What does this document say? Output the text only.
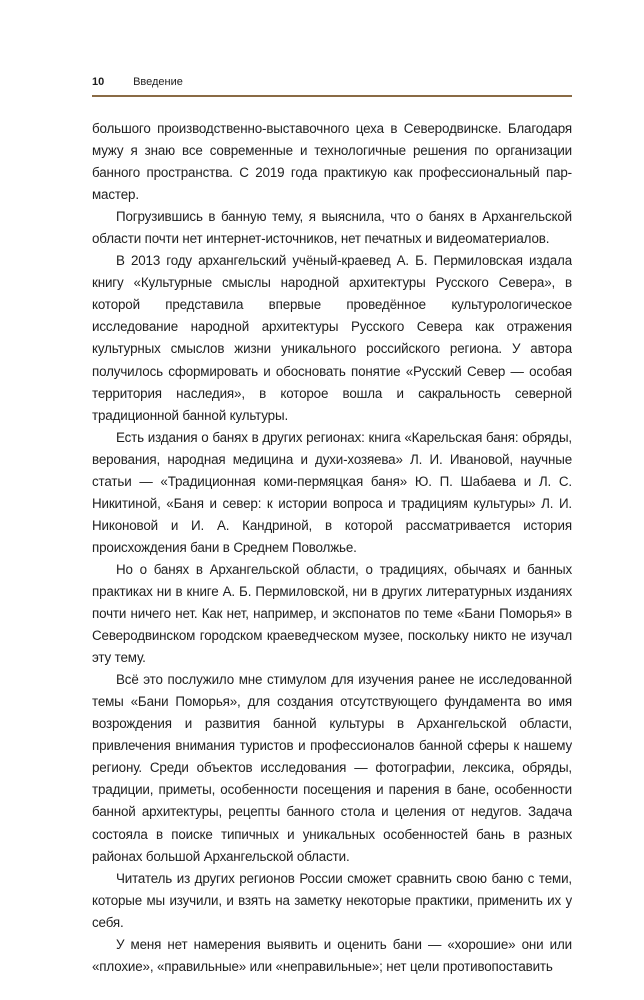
10	Введение

большого производственно-выставочного цеха в Северодвинске. Благодаря мужу я знаю все современные и технологичные решения по организации банного пространства. С 2019 года практикую как профессиональный пар-мастер.

Погрузившись в банную тему, я выяснила, что о банях в Архангельской области почти нет интернет-источников, нет печатных и видеоматериалов.

В 2013 году архангельский учёный-краевед А. Б. Пермиловская издала книгу «Культурные смыслы народной архитектуры Русского Севера», в которой представила впервые проведённое культурологическое исследование народной архитектуры Русского Севера как отражения культурных смыслов жизни уникального российского региона. У автора получилось сформировать и обосновать понятие «Русский Север — особая территория наследия», в которое вошла и сакральность северной традиционной банной культуры.

Есть издания о банях в других регионах: книга «Карельская баня: обряды, верования, народная медицина и духи-хозяева» Л. И. Ивановой, научные статьи — «Традиционная коми-пермяцкая баня» Ю. П. Шабаева и Л. С. Никитиной, «Баня и север: к истории вопроса и традициям культуры» Л. И. Никоновой и И. А. Кандриной, в которой рассматривается история происхождения бани в Среднем Поволжье.

Но о банях в Архангельской области, о традициях, обычаях и банных практиках ни в книге А. Б. Пермиловской, ни в других литературных изданиях почти ничего нет. Как нет, например, и экспонатов по теме «Бани Поморья» в Северодвинском городском краеведческом музее, поскольку никто не изучал эту тему.

Всё это послужило мне стимулом для изучения ранее не исследованной темы «Бани Поморья», для создания отсутствующего фундамента во имя возрождения и развития банной культуры в Архангельской области, привлечения внимания туристов и профессионалов банной сферы к нашему региону. Среди объектов исследования — фотографии, лексика, обряды, традиции, приметы, особенности посещения и парения в бане, особенности банной архитектуры, рецепты банного стола и целения от недугов. Задача состояла в поиске типичных и уникальных особенностей бань в разных районах большой Архангельской области.

Читатель из других регионов России сможет сравнить свою баню с теми, которые мы изучили, и взять на заметку некоторые практики, применить их у себя.

У меня нет намерения выявить и оценить бани — «хорошие» они или «плохие», «правильные» или «неправильные»; нет цели противопоставить
